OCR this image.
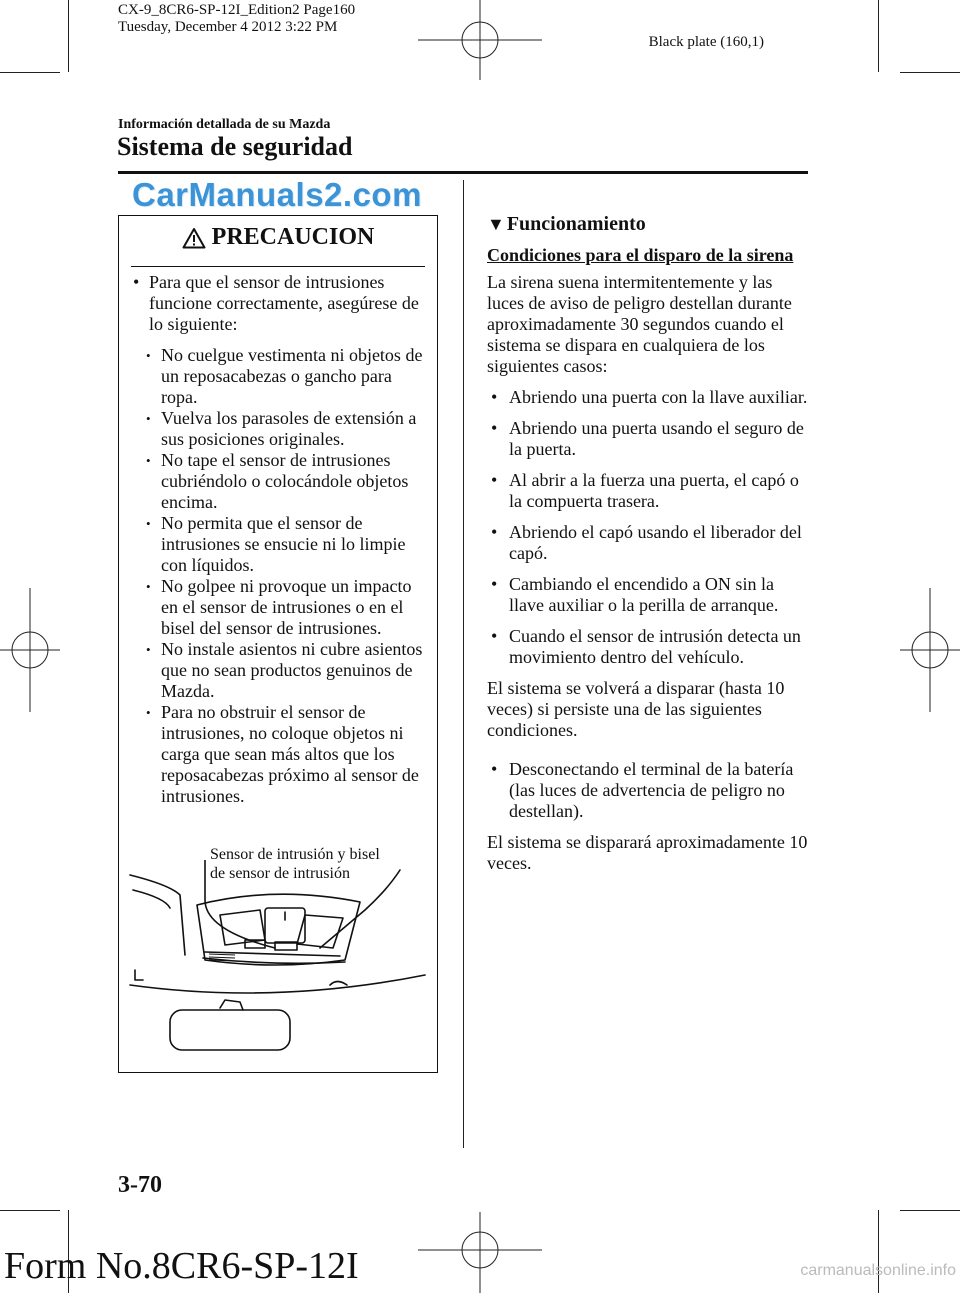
CX-9_8CR6-SP-12I_Edition2 Page160
Tuesday, December 4 2012 3:22 PM
Black plate (160,1)
Información detallada de su Mazda
Sistema de seguridad
CarManuals2.com
PRECAUCION
• Para que el sensor de intrusiones funcione correctamente, asegúrese de lo siguiente:
• No cuelgue vestimenta ni objetos de un reposacabezas o gancho para ropa.
• Vuelva los parasoles de extensión a sus posiciones originales.
• No tape el sensor de intrusiones cubriéndolo o colocándole objetos encima.
• No permita que el sensor de intrusiones se ensucie ni lo limpie con líquidos.
• No golpee ni provoque un impacto en el sensor de intrusiones o en el bisel del sensor de intrusiones.
• No instale asientos ni cubre asientos que no sean productos genuinos de Mazda.
• Para no obstruir el sensor de intrusiones, no coloque objetos ni carga que sean más altos que los reposacabezas próximo al sensor de intrusiones.
Sensor de intrusión y bisel
de sensor de intrusión
▼ Funcionamiento
Condiciones para el disparo de la sirena
La sirena suena intermitentemente y las luces de aviso de peligro destellan durante aproximadamente 30 segundos cuando el sistema se dispara en cualquiera de los siguientes casos:
• Abriendo una puerta con la llave auxiliar.
• Abriendo una puerta usando el seguro de la puerta.
• Al abrir a la fuerza una puerta, el capó o la compuerta trasera.
• Abriendo el capó usando el liberador del capó.
• Cambiando el encendido a ON sin la llave auxiliar o la perilla de arranque.
• Cuando el sensor de intrusión detecta un movimiento dentro del vehículo.
El sistema se volverá a disparar (hasta 10 veces) si persiste una de las siguientes condiciones.
• Desconectando el terminal de la batería (las luces de advertencia de peligro no destellan).
El sistema se disparará aproximadamente 10 veces.
3-70
Form No.8CR6-SP-12I	carmanualsonline.info
